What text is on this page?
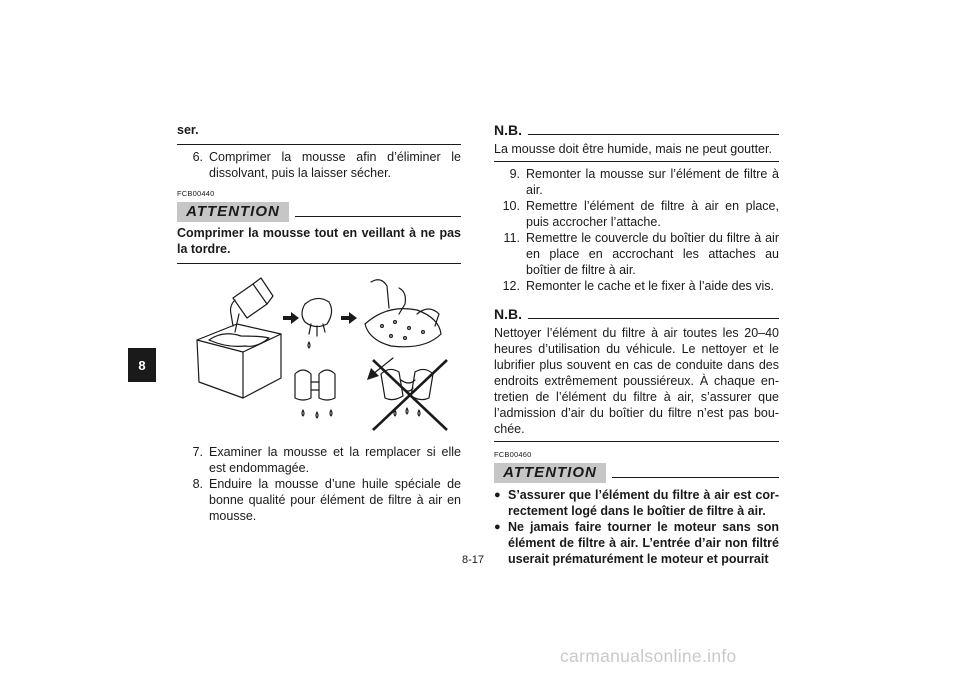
8
ser.
6. Comprimer la mousse afin d’éliminer le dissolvant, puis la laisser sécher.
FCB00440
ATTENTION
Comprimer la mousse tout en veillant à ne pas la tordre.
7. Examiner la mousse et la remplacer si elle est endommagée.
8. Enduire la mousse d’une huile spéciale de bonne qualité pour élément de filtre à air en mousse.
N.B.
La mousse doit être humide, mais ne peut goutter.
9. Remonter la mousse sur l’élément de filtre à air.
10. Remettre l’élément de filtre à air en place, puis accrocher l’attache.
11. Remettre le couvercle du boîtier du filtre à air en place en accrochant les attaches au boîtier de filtre à air.
12. Remonter le cache et le fixer à l’aide des vis.
N.B.
Nettoyer l’élément du filtre à air toutes les 20–40 heures d’utilisation du véhicule. Le nettoyer et le lubrifier plus souvent en cas de conduite dans des endroits extrêmement poussiéreux. À chaque entretien de l’élément du filtre à air, s’assurer que l’admission d’air du boîtier du filtre n’est pas bouchée.
FCB00460
ATTENTION
● S’assurer que l’élément du filtre à air est correctement logé dans le boîtier de filtre à air.
● Ne jamais faire tourner le moteur sans son élément de filtre à air. L’entrée d’air non filtré userait prématurément le moteur et pourrait
8-17
carmanualsonline.info
